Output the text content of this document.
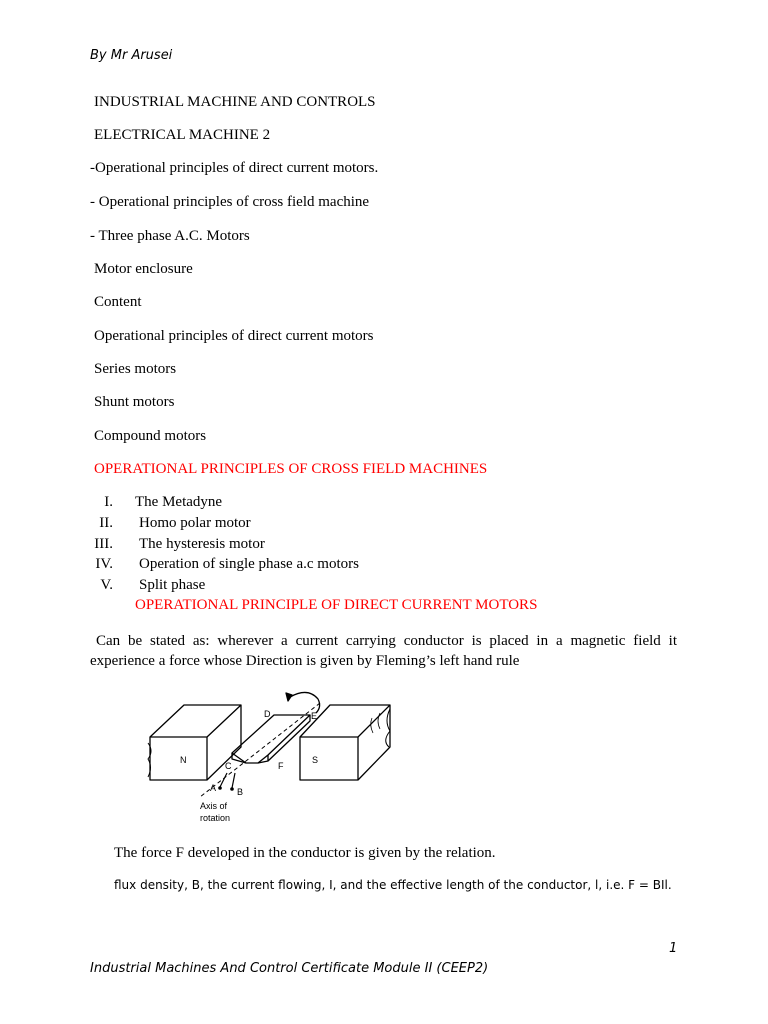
By Mr Arusei
INDUSTRIAL MACHINE AND CONTROLS
ELECTRICAL MACHINE 2
-Operational principles of direct current motors.
- Operational principles of cross field machine
- Three phase A.C. Motors
Motor enclosure
Content
Operational principles of direct current motors
Series motors
Shunt motors
Compound motors
OPERATIONAL PRINCIPLES OF CROSS FIELD MACHINES
I. The Metadyne
II. Homo polar motor
III. The hysteresis motor
IV. Operation of single phase a.c motors
V. Split phase
OPERATIONAL PRINCIPLE OF DIRECT CURRENT MOTORS
Can be stated as: wherever a current carrying conductor is placed in a magnetic field it experience a force whose Direction is given by Fleming’s left hand rule
N	S
A B
C
D	E
F
Axis of
rotation
The force F developed in the conductor is given by the relation.
flux density, B, the current flowing, I, and the effective length of the conductor, l, i.e. F = BIl.
1
Industrial Machines And Control Certificate Module II (CEEP2)
